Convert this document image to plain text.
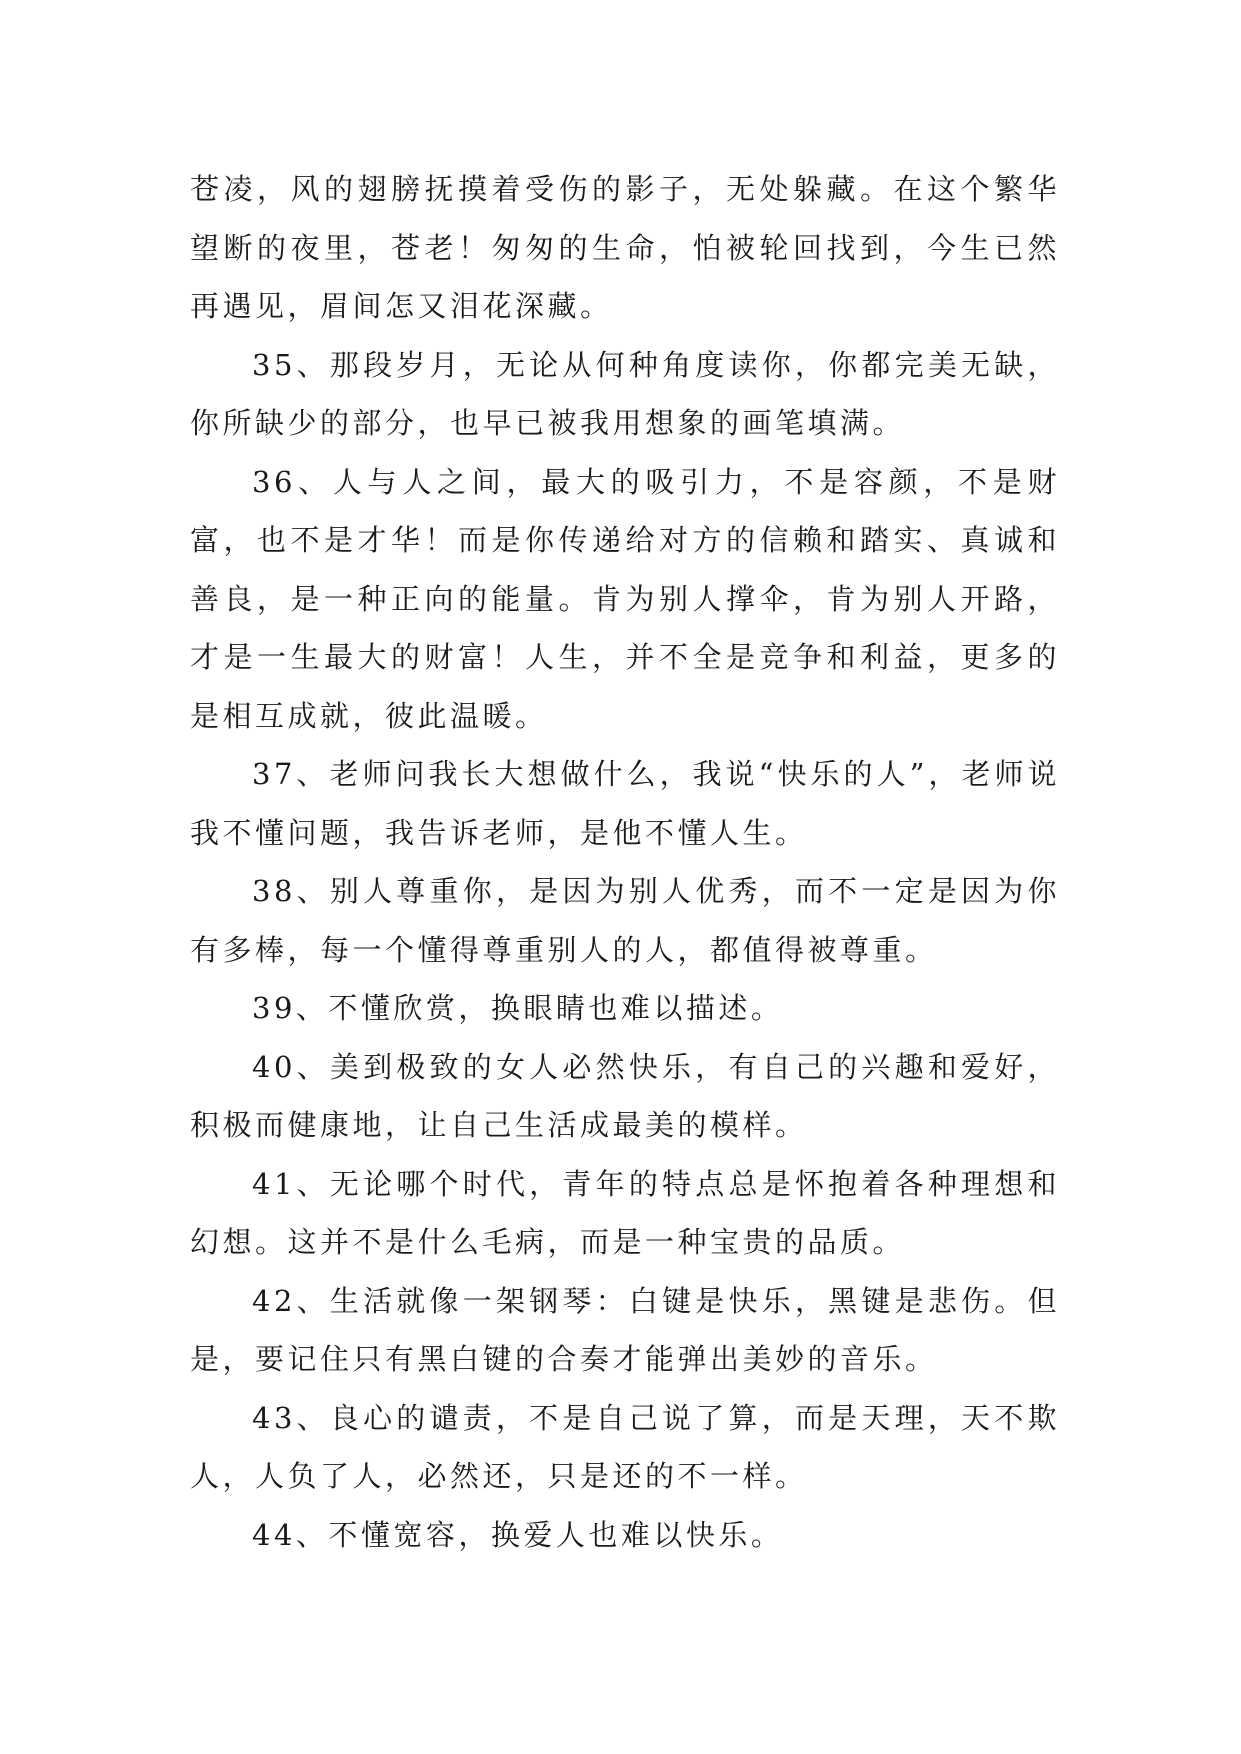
苍凌，风的翅膀抚摸着受伤的影子，无处躲藏。在这个繁华望断的夜里，苍老！匆匆的生命，怕被轮回找到，今生已然再遇见，眉间怎又泪花深藏。

35、那段岁月，无论从何种角度读你，你都完美无缺，你所缺少的部分，也早已被我用想象的画笔填满。

36、人与人之间，最大的吸引力，不是容颜，不是财富，也不是才华！而是你传递给对方的信赖和踏实、真诚和善良，是一种正向的能量。肯为别人撑伞，肯为别人开路，才是一生最大的财富！人生，并不全是竞争和利益，更多的是相互成就，彼此温暖。

37、老师问我长大想做什么，我说“快乐的人”，老师说我不懂问题，我告诉老师，是他不懂人生。

38、别人尊重你，是因为别人优秀，而不一定是因为你有多棒，每一个懂得尊重别人的人，都值得被尊重。

39、不懂欣赏，换眼睛也难以描述。

40、美到极致的女人必然快乐，有自己的兴趣和爱好，积极而健康地，让自己生活成最美的模样。

41、无论哪个时代，青年的特点总是怀抱着各种理想和幻想。这并不是什么毛病，而是一种宝贵的品质。

42、生活就像一架钢琴：白键是快乐，黑键是悲伤。但是，要记住只有黑白键的合奏才能弹出美妙的音乐。

43、良心的谴责，不是自己说了算，而是天理，天不欺人，人负了人，必然还，只是还的不一样。

44、不懂宽容，换爱人也难以快乐。
